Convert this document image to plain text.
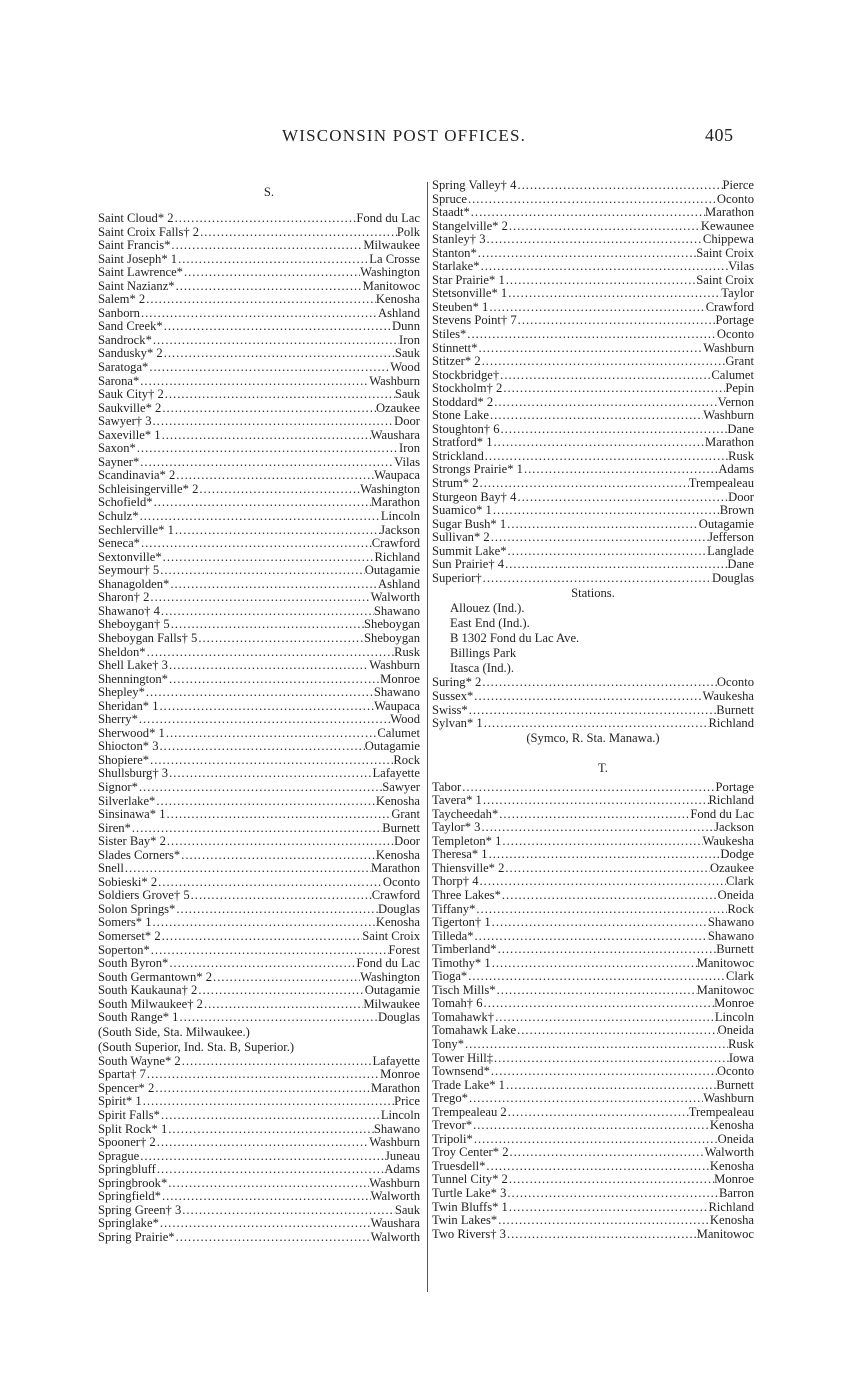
WISCONSIN POST OFFICES.	405
S.
Saint Cloud* 2 .....	Fond du Lac
Saint Croix Falls† 2 .....	Polk
Saint Francis* .....	Milwaukee
Saint Joseph* 1 .....	La Crosse
Saint Lawrence* .....	Washington
Saint Nazianz* .....	Manitowoc
Salem* 2 .....	Kenosha
Sanborn .....	Ashland
Sand Creek* .....	Dunn
Sandrock* .....	Iron
Sandusky* 2 .....	Sauk
Saratoga* .....	Wood
Sarona* .....	Washburn
Sauk City† 2 .....	Sauk
Saukville* 2 .....	Ozaukee
Sawyer† 3 .....	Door
Saxeville* 1 .....	Waushara
Saxon* .....	Iron
Sayner* .....	Vilas
Scandinavia* 2 .....	Waupaca
Schleisingerville* 2 .....	Washington
Schofield* .....	Marathon
Schulz* .....	Lincoln
Sechlerville* 1 .....	Jackson
Seneca* .....	Crawford
Sextonville* .....	Richland
Seymour† 5 .....	Outagamie
Shanagolden* .....	Ashland
Sharon† 2 .....	Walworth
Shawano† 4 .....	Shawano
Sheboygan† 5 .....	Sheboygan
Sheboygan Falls† 5 .....	Sheboygan
Sheldon* .....	Rusk
Shell Lake† 3 .....	Washburn
Shennington* .....	Monroe
Shepley* .....	Shawano
Sheridan* 1 .....	Waupaca
Sherry* .....	Wood
Sherwood* 1 .....	Calumet
Shiocton* 3 .....	Outagamie
Shopiere* .....	Rock
Shullsburg† 3 .....	Lafayette
Signor* .....	Sawyer
Silverlake* .....	Kenosha
Sinsinawa* 1 .....	Grant
Siren* .....	Burnett
Sister Bay* 2 .....	Door
Slades Corners* .....	Kenosha
Snell .....	Marathon
Sobieski* 2 .....	Oconto
Soldiers Grove† 5 .....	Crawford
Solon Springs* .....	Douglas
Somers* 1 .....	Kenosha
Somerset* 2 .....	Saint Croix
Soperton* .....	Forest
South Byron* .....	Fond du Lac
South Germantown* 2 .....	Washington
South Kaukauna† 2 .....	Outagamie
South Milwaukee† 2 .....	Milwaukee
South Range* 1 .....	Douglas
(South Side, Sta. Milwaukee.)
(South Superior, Ind. Sta. B, Superior.)
South Wayne* 2 .....	Lafayette
Sparta† 7 .....	Monroe
Spencer* 2 .....	Marathon
Spirit* 1 .....	Price
Spirit Falls* .....	Lincoln
Split Rock* 1 .....	Shawano
Spooner† 2 .....	Washburn
Sprague .....	Juneau
Springbluff .....	Adams
Springbrook* .....	Washburn
Springfield* .....	Walworth
Spring Green† 3 .....	Sauk
Springlake* .....	Waushara
Spring Prairie* .....	Walworth
Spring Valley† 4 .....	Pierce
Spruce .....	Oconto
Staadt* .....	Marathon
Stangelville* 2 .....	Kewaunee
Stanley† 3 .....	Chippewa
Stanton* .....	Saint Croix
Starlake* .....	Vilas
Star Prairie* 1 .....	Saint Croix
Stetsonville* 1 .....	Taylor
Steuben* 1 .....	Crawford
Stevens Point† 7 .....	Portage
Stiles* .....	Oconto
Stinnett* .....	Washburn
Stitzer* 2 .....	Grant
Stockbridge† .....	Calumet
Stockholm† 2 .....	Pepin
Stoddard* 2 .....	Vernon
Stone Lake .....	Washburn
Stoughton† 6 .....	Dane
Stratford* 1 .....	Marathon
Strickland .....	Rusk
Strongs Prairie* 1 .....	Adams
Strum* 2 .....	Trempealeau
Sturgeon Bay† 4 .....	Door
Suamico* 1 .....	Brown
Sugar Bush* 1 .....	Outagamie
Sullivan* 2 .....	Jefferson
Summit Lake* .....	Langlade
Sun Prairie† 4 .....	Dane
Superior† .....	Douglas
Stations.
Allouez (Ind.).
East End (Ind.).
B 1302 Fond du Lac Ave.
Billings Park
Itasca (Ind.).
Suring* 2 .....	Oconto
Sussex* .....	Waukesha
Swiss* .....	Burnett
Sylvan* 1 .....	Richland
(Symco, R. Sta. Manawa.)
T.
Tabor .....	Portage
Tavera* 1 .....	Richland
Taycheedah* .....	Fond du Lac
Taylor* 3 .....	Jackson
Templeton* 1 .....	Waukesha
Theresa* 1 .....	Dodge
Thiensville* 2 .....	Ozaukee
Thorp† 4 .....	Clark
Three Lakes* .....	Oneida
Tiffany* .....	Rock
Tigerton† 1 .....	Shawano
Tilleda* .....	Shawano
Timberland* .....	Burnett
Timothy* 1 .....	Manitowoc
Tioga* .....	Clark
Tisch Mills* .....	Manitowoc
Tomah† 6 .....	Monroe
Tomahawk† .....	Lincoln
Tomahawk Lake .....	Oneida
Tony* .....	Rusk
Tower Hill‡ .....	Iowa
Townsend* .....	Oconto
Trade Lake* 1 .....	Burnett
Trego* .....	Washburn
Trempealeau 2 .....	Trempealeau
Trevor* .....	Kenosha
Tripoli* .....	Oneida
Troy Center* 2 .....	Walworth
Truesdell* .....	Kenosha
Tunnel City* 2 .....	Monroe
Turtle Lake* 3 .....	Barron
Twin Bluffs* 1 .....	Richland
Twin Lakes* .....	Kenosha
Two Rivers† 3 .....	Manitowoc
